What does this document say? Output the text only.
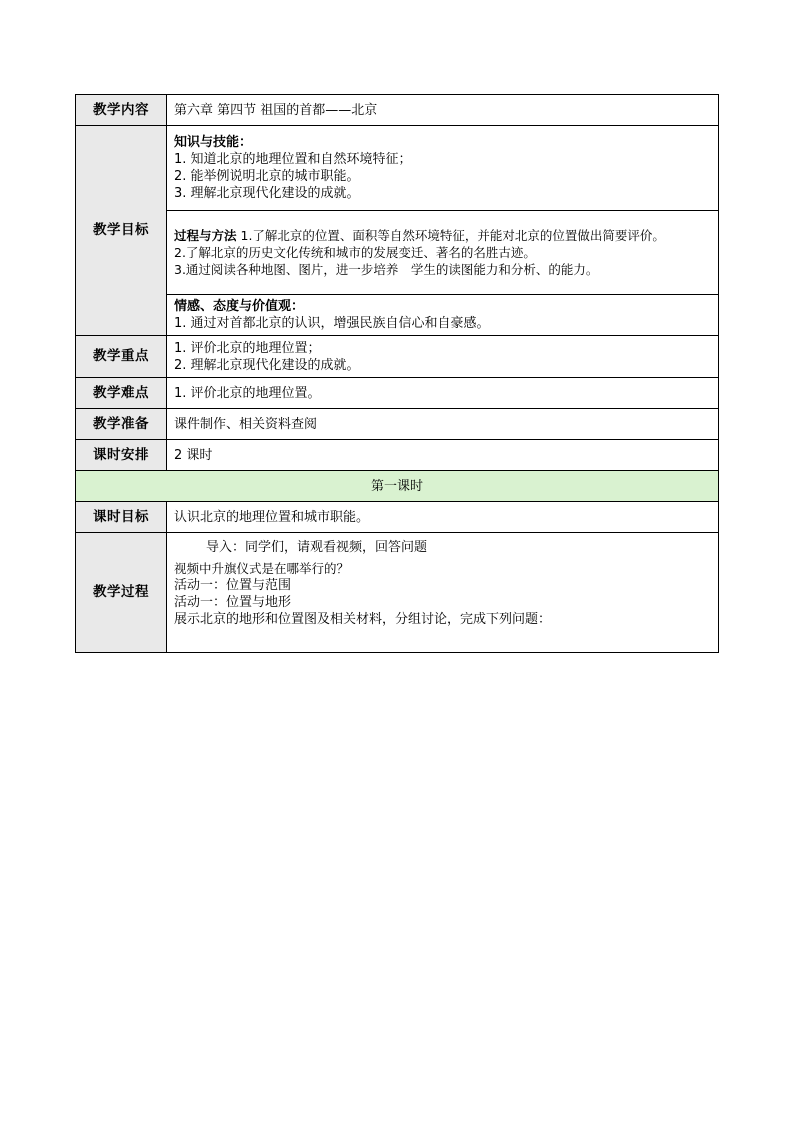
教学内容	第六章 第四节 祖国的首都——北京
教学目标	知识与技能：
1. 知道北京的地理位置和自然环境特征；
2. 能举例说明北京的城市职能。
3. 理解北京现代化建设的成就。

	过程与方法 1.了解北京的位置、面积等自然环境特征，并能对北京的位置做出简要评价。
2.了解北京的历史文化传统和城市的发展变迁、著名的名胜古迹。
3.通过阅读各种地图、图片，进一步培养　学生的读图能力和分析、的能力。

	情感、态度与价值观：
1. 通过对首都北京的认识，增强民族自信心和自豪感。

教学重点	1. 评价北京的地理位置；
2. 理解北京现代化建设的成就。

教学难点	1. 评价北京的地理位置。
教学准备	课件制作、相关资料查阅
课时安排	2 课时
第一课时	
课时目标	认识北京的地理位置和城市职能。
教学过程	导入：同学们，请观看视频，回答问题
视频中升旗仪式是在哪举行的？
活动一：位置与范围
活动一：位置与地形
展示北京的地形和位置图及相关材料，分组讨论，完成下列问题：
